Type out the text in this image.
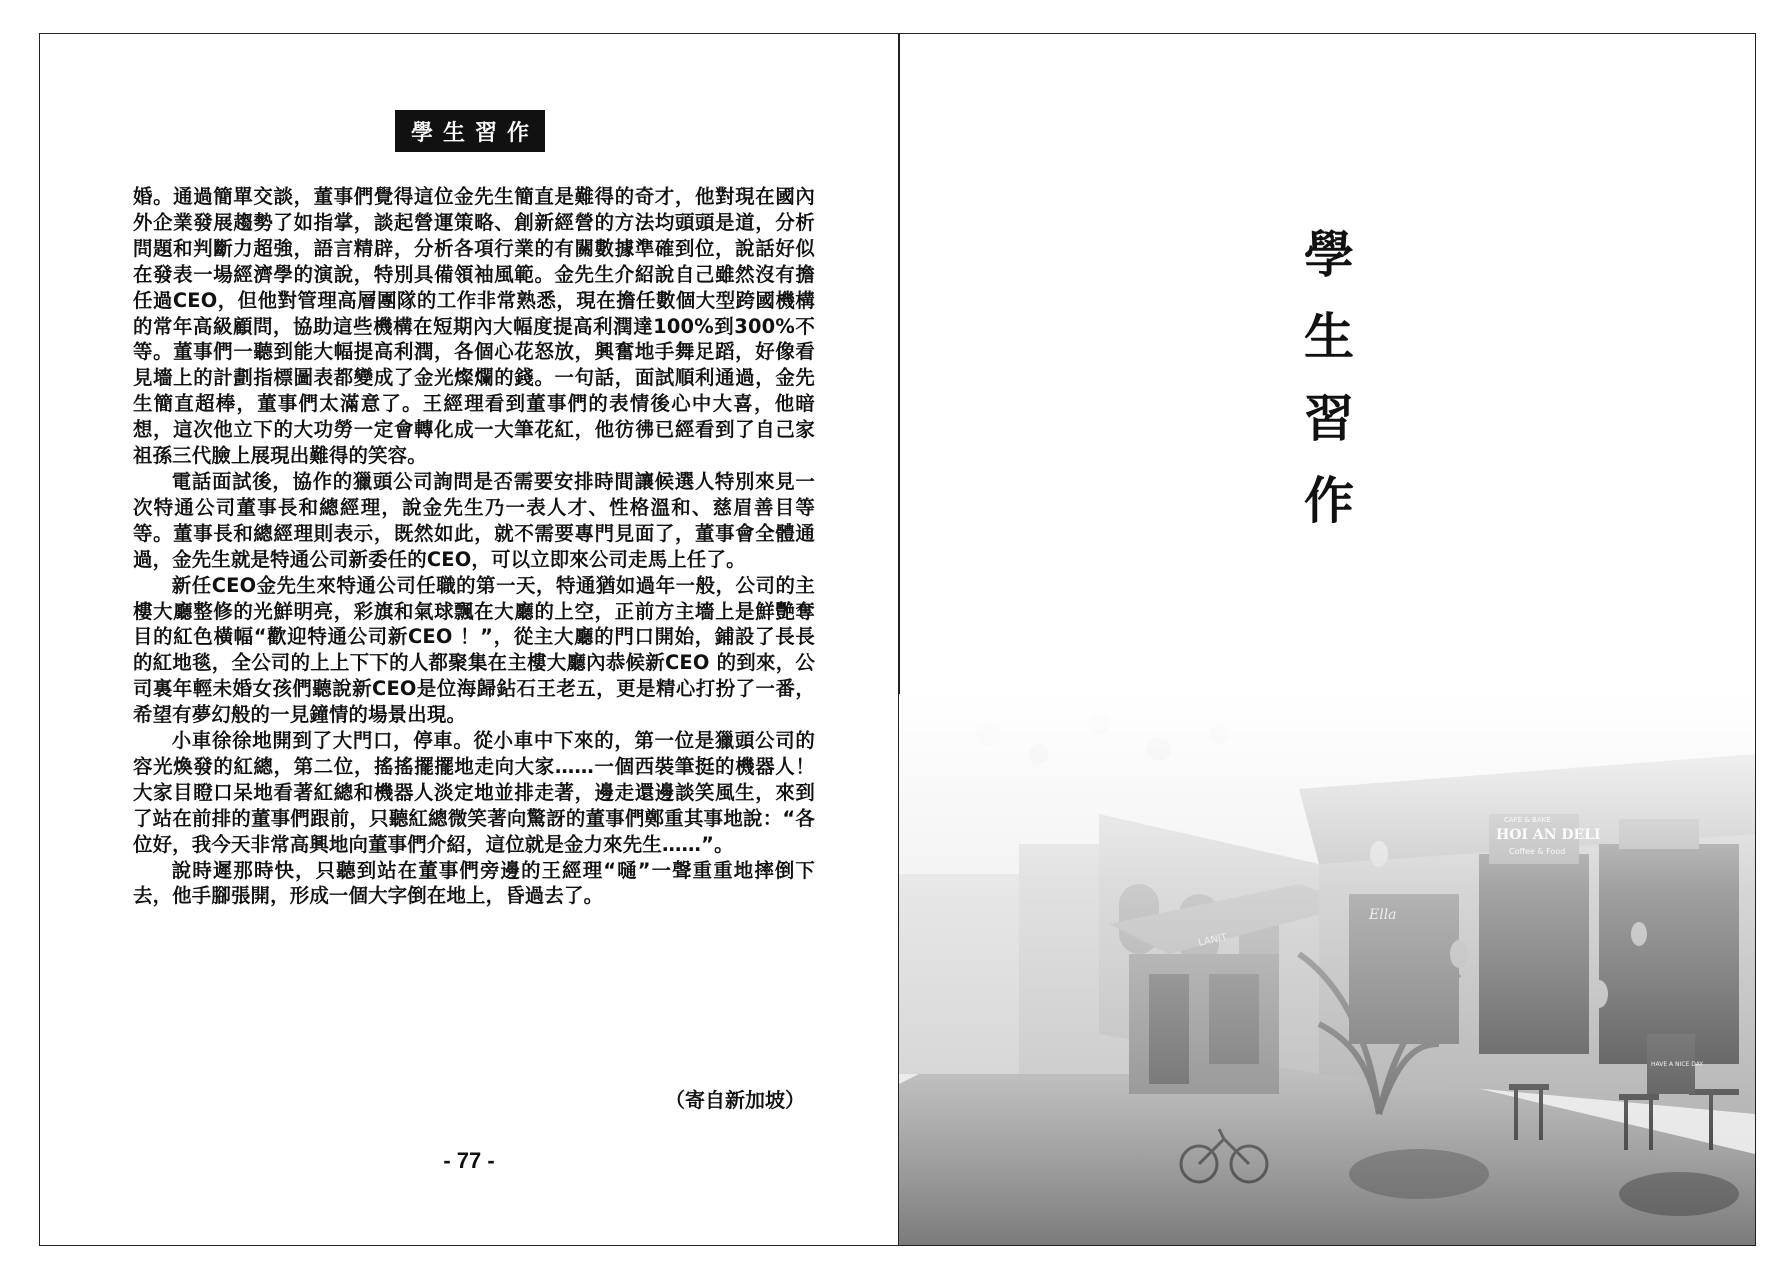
學生習作

婚。通過簡單交談，董事們覺得這位金先生簡直是難得的奇才，他對現在國內外企業發展趨勢了如指掌，談起營運策略、創新經營的方法均頭頭是道，分析問題和判斷力超強，語言精辟，分析各項行業的有關數據準確到位，說話好似在發表一場經濟學的演說，特別具備領袖風範。金先生介紹說自己雖然沒有擔任過CEO，但他對管理高層團隊的工作非常熟悉，現在擔任數個大型跨國機構的常年高級顧問，協助這些機構在短期內大幅度提高利潤達100%到300%不等。董事們一聽到能大幅提高利潤，各個心花怒放，興奮地手舞足蹈，好像看見墻上的計劃指標圖表都變成了金光燦爛的錢。一句話，面試順利通過，金先生簡直超棒，董事們太滿意了。王經理看到董事們的表情後心中大喜，他暗想，這次他立下的大功勞一定會轉化成一大筆花紅，他彷彿已經看到了自己家祖孫三代臉上展現出難得的笑容。

電話面試後，協作的獵頭公司詢問是否需要安排時間讓候選人特別來見一次特通公司董事長和總經理，說金先生乃一表人才、性格溫和、慈眉善目等等。董事長和總經理則表示，既然如此，就不需要專門見面了，董事會全體通過，金先生就是特通公司新委任的CEO，可以立即來公司走馬上任了。

新任CEO金先生來特通公司任職的第一天，特通猶如過年一般，公司的主樓大廳整修的光鮮明亮，彩旗和氣球飄在大廳的上空，正前方主墻上是鮮艷奪目的紅色橫幅“歡迎特通公司新CEO ！”，從主大廳的門口開始，鋪設了長長的紅地毯，全公司的上上下下的人都聚集在主樓大廳內恭候新CEO 的到來，公司裏年輕未婚女孩們聽說新CEO是位海歸鉆石王老五，更是精心打扮了一番，希望有夢幻般的一見鐘情的場景出現。

小車徐徐地開到了大門口，停車。從小車中下來的，第一位是獵頭公司的容光煥發的紅總，第二位，搖搖擺擺地走向大家……一個西裝筆挺的機器人！大家目瞪口呆地看著紅總和機器人淡定地並排走著，邊走還邊談笑風生，來到了站在前排的董事們跟前，只聽紅總微笑著向驚訝的董事們鄭重其事地說：“各位好，我今天非常高興地向董事們介紹，這位就是金力來先生……”。

說時遲那時快，只聽到站在董事們旁邊的王經理“嗵”一聲重重地摔倒下去，他手腳張開，形成一個大字倒在地上，昏過去了。

（寄自新加坡）
- 77 -
學
生
習
作
